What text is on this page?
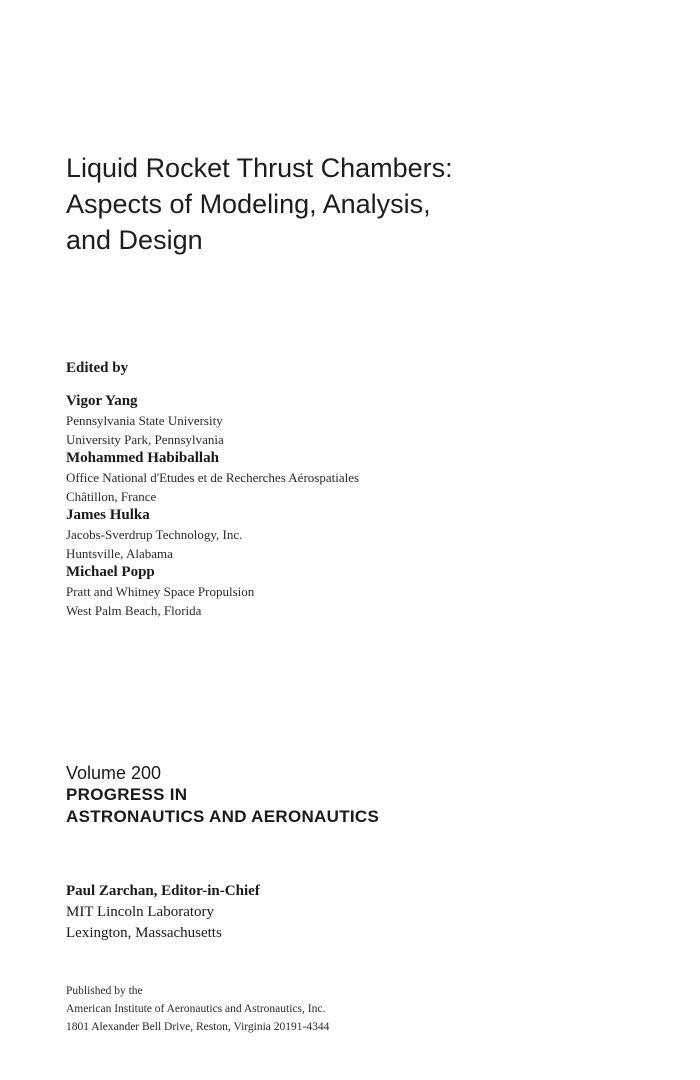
Liquid Rocket Thrust Chambers:
Aspects of Modeling, Analysis,
and Design
Edited by
Vigor Yang
Pennsylvania State University
University Park, Pennsylvania
Mohammed Habiballah
Office National d'Etudes et de Recherches Aérospatiales
Châtillon, France
James Hulka
Jacobs-Sverdrup Technology, Inc.
Huntsville, Alabama
Michael Popp
Pratt and Whitney Space Propulsion
West Palm Beach, Florida
Volume 200
PROGRESS IN
ASTRONAUTICS AND AERONAUTICS
Paul Zarchan, Editor-in-Chief
MIT Lincoln Laboratory
Lexington, Massachusetts
Published by the
American Institute of Aeronautics and Astronautics, Inc.
1801 Alexander Bell Drive, Reston, Virginia 20191-4344
